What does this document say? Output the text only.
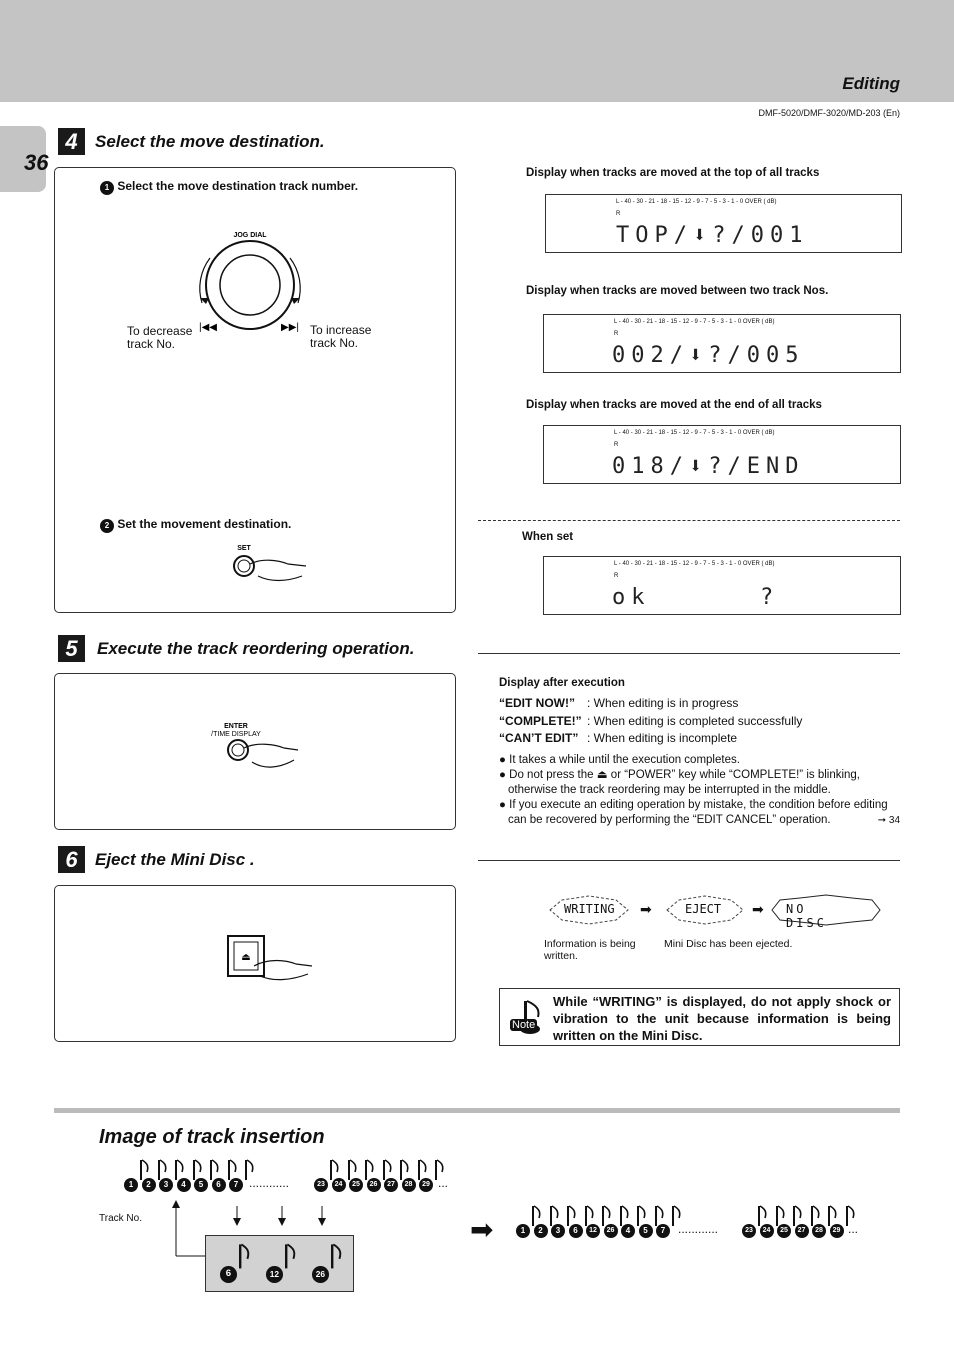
Editing
DMF-5020/DMF-3020/MD-203 (En)
36
4	Select the move destination.
1 Select the move destination track number.
JOG DIAL
|◀◀	▶▶|
To decrease track No.
To increase track No.
2 Set the movement destination.
SET
Display when tracks are moved at the top of all tracks
L - 40 - 30 - 21 - 18 - 15 - 12 - 9 - 7 - 5 - 3 - 1 - 0 OVER ( dB)
R
TOP/⬇?/001
Display when tracks are moved between two track Nos.
L - 40 - 30 - 21 - 18 - 15 - 12 - 9 - 7 - 5 - 3 - 1 - 0 OVER ( dB)
R
002/⬇?/005
Display when tracks are moved at the end of all tracks
L - 40 - 30 - 21 - 18 - 15 - 12 - 9 - 7 - 5 - 3 - 1 - 0 OVER ( dB)
R
018/⬇?/END
When set
L - 40 - 30 - 21 - 18 - 15 - 12 - 9 - 7 - 5 - 3 - 1 - 0 OVER ( dB)
R
ok	?
5	Execute the track reordering operation.
ENTER
/TIME DISPLAY
Display after execution
“EDIT NOW!” : When editing is in progress
“COMPLETE!” : When editing is completed successfully
“CAN’T EDIT” : When editing is incomplete
● It takes a while until the execution completes.
● Do not press the ⏏ or “POWER” key while “COMPLETE!” is blinking, otherwise the track reordering may be interrupted in the middle.
● If you execute an editing operation by mistake, the condition before editing can be recovered by performing the “EDIT CANCEL” operation.	➞ 34
6	Eject the Mini Disc .
⏏
WRITING ➡	EJECT ➡ NO DISC
Information is being written.
Mini Disc has been ejected.
Note
While “WRITING” is displayed, do not apply shock or vibration to the unit because information is being written on the Mini Disc.
Image of track insertion
1	2	3	4	5	6	7 ............	23	24	25	26	27	28	29 ...
Track No.
6	12	26
➡	1	2	3	6	12	26	4	5	7	............	23	24	25	27	28	29 ...
